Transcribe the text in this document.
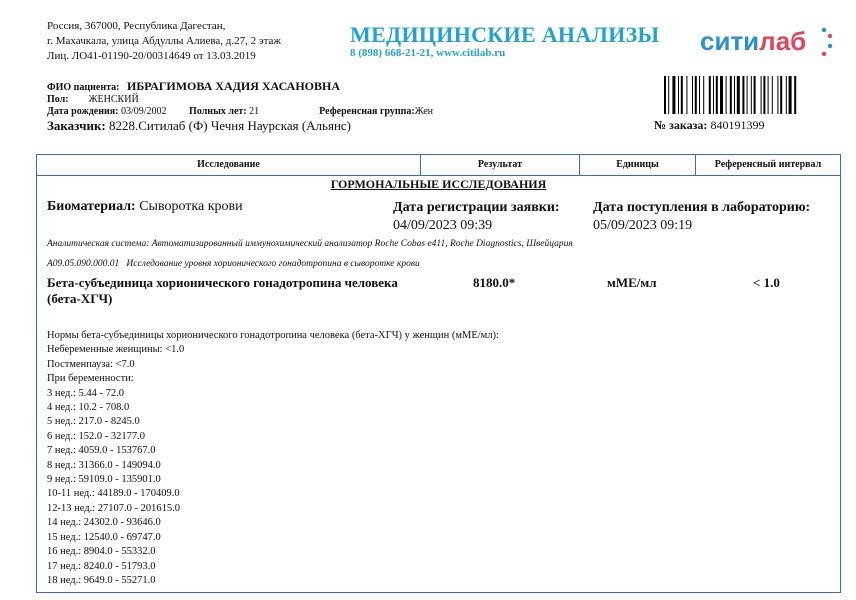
Россия, 367000, Республика Дагестан,
г. Махачкала, улица Абдуллы Алиева, д.27, 2 этаж
Лиц. ЛО41-01190-20/00314649 от 13.03.2019
МЕДИЦИНСКИЕ АНАЛИЗЫ
8 (898) 668-21-21, www.citilab.ru	ситилаб
ФИО пациента: ИБРАГИМОВА ХАДИЯ ХАСАНОВНА
Пол: ЖЕНСКИЙ
Дата рождения: 03/09/2002 Полных лет: 21	Референсная группа:Жен
Заказчик: 8228.Ситилаб (Ф) Чечня Наурская (Альянс)	№ заказа: 840191399
Исследование	Результат	Единицы	Референсный интервал
ГОРМОНАЛЬНЫЕ ИССЛЕДОВАНИЯ
Биоматериал: Сыворотка крови	Дата регистрации заявки:
04/09/2023 09:39
Дата поступления в лабораторию:
05/09/2023 09:19
Аналитическая система: Автоматизированный иммунохимический анализатор Roche Cobas e411, Roche Diagnostics, Швейцария
A09.05.090.000.01   Исследование уровня хорионического гонадотропина в сыворотке крови
Бета-субъединица хорионического гонадотропина человека (бета-ХГЧ)
8180.0*	мМЕ/мл	< 1.0
Нормы бета-субъединицы хорионического гонадотропина человека (бета-ХГЧ) у женщин (мМЕ/мл):
Небеременные женщины: <1.0
Постменпауза: <7.0
При беременности:
3 нед.: 5.44 - 72.0
4 нед.: 10.2 - 708.0
5 нед.: 217.0 - 8245.0
6 нед.: 152.0 - 32177.0
7 нед.: 4059.0 - 153767.0
8 нед.: 31366.0 - 149094.0
9 нед.: 59109.0 - 135901.0
10-11 нед.: 44189.0 - 170409.0
12-13 нед.: 27107.0 - 201615.0
14 нед.: 24302.0 - 93646.0
15 нед.: 12540.0 - 69747.0
16 нед.: 8904.0 - 55332.0
17 нед.: 8240.0 - 51793.0
18 нед.: 9649.0 - 55271.0
